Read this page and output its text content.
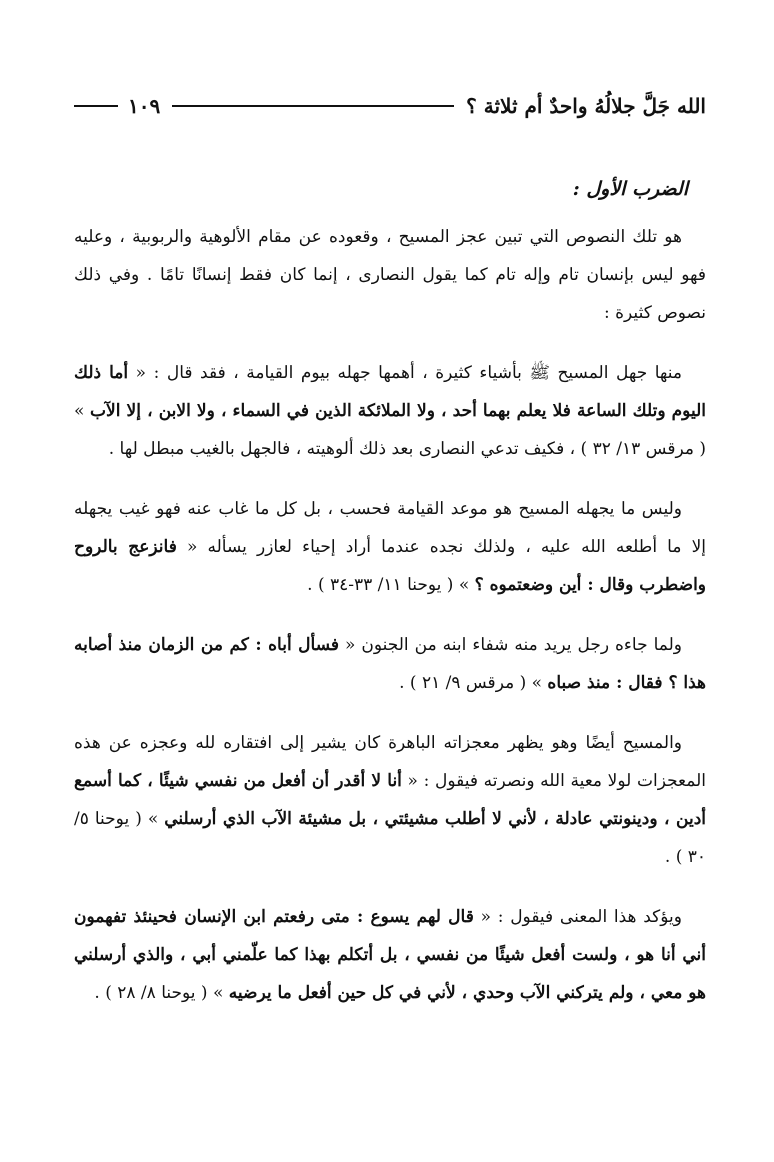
١٠٩	الله جَلَّ جلالُهُ واحدٌ أم ثلاثة ؟
الضرب الأول :

هو تلك النصوص التي تبين عجز المسيح ، وقعوده عن مقام الألوهية والربوبية ، وعليه فهو ليس بإنسان تام وإله تام كما يقول النصارى ، إنما كان فقط إنسانًا تامًا . وفي ذلك نصوص كثيرة :

منها جهل المسيح ﷺ بأشياء كثيرة ، أهمها جهله بيوم القيامة ، فقد قال : « أما ذلك اليوم وتلك الساعة فلا يعلم بهما أحد ، ولا الملائكة الذين في السماء ، ولا الابن ، إلا الآب » ( مرقس ١٣/ ٣٢ ) ، فكيف تدعي النصارى بعد ذلك ألوهيته ، فالجهل بالغيب مبطل لها .

وليس ما يجهله المسيح هو موعد القيامة فحسب ، بل كل ما غاب عنه فهو غيب يجهله إلا ما أطلعه الله عليه ، ولذلك نجده عندما أراد إحياء لعازر يسأله « فانزعج بالروح واضطرب وقال : أين وضعتموه ؟ » ( يوحنا ١١/ ٣٣-٣٤ ) .

ولما جاءه رجل يريد منه شفاء ابنه من الجنون « فسأل أباه : كم من الزمان منذ أصابه هذا ؟ فقال : منذ صباه » ( مرقس ٩/ ٢١ ) .

والمسيح أيضًا وهو يظهر معجزاته الباهرة كان يشير إلى افتقاره لله وعجزه عن هذه المعجزات لولا معية الله ونصرته فيقول : « أنا لا أقدر أن أفعل من نفسي شيئًا ، كما أسمع أدين ، ودينونتي عادلة ، لأني لا أطلب مشيئتي ، بل مشيئة الآب الذي أرسلني » ( يوحنا ٥/ ٣٠ ) .

ويؤكد هذا المعنى فيقول : « قال لهم يسوع : متى رفعتم ابن الإنسان فحينئذ تفهمون أني أنا هو ، ولست أفعل شيئًا من نفسي ، بل أتكلم بهذا كما علّمني أبي ، والذي أرسلني هو معي ، ولم يتركني الآب وحدي ، لأني في كل حين أفعل ما يرضيه » ( يوحنا ٨/ ٢٨ ) .
